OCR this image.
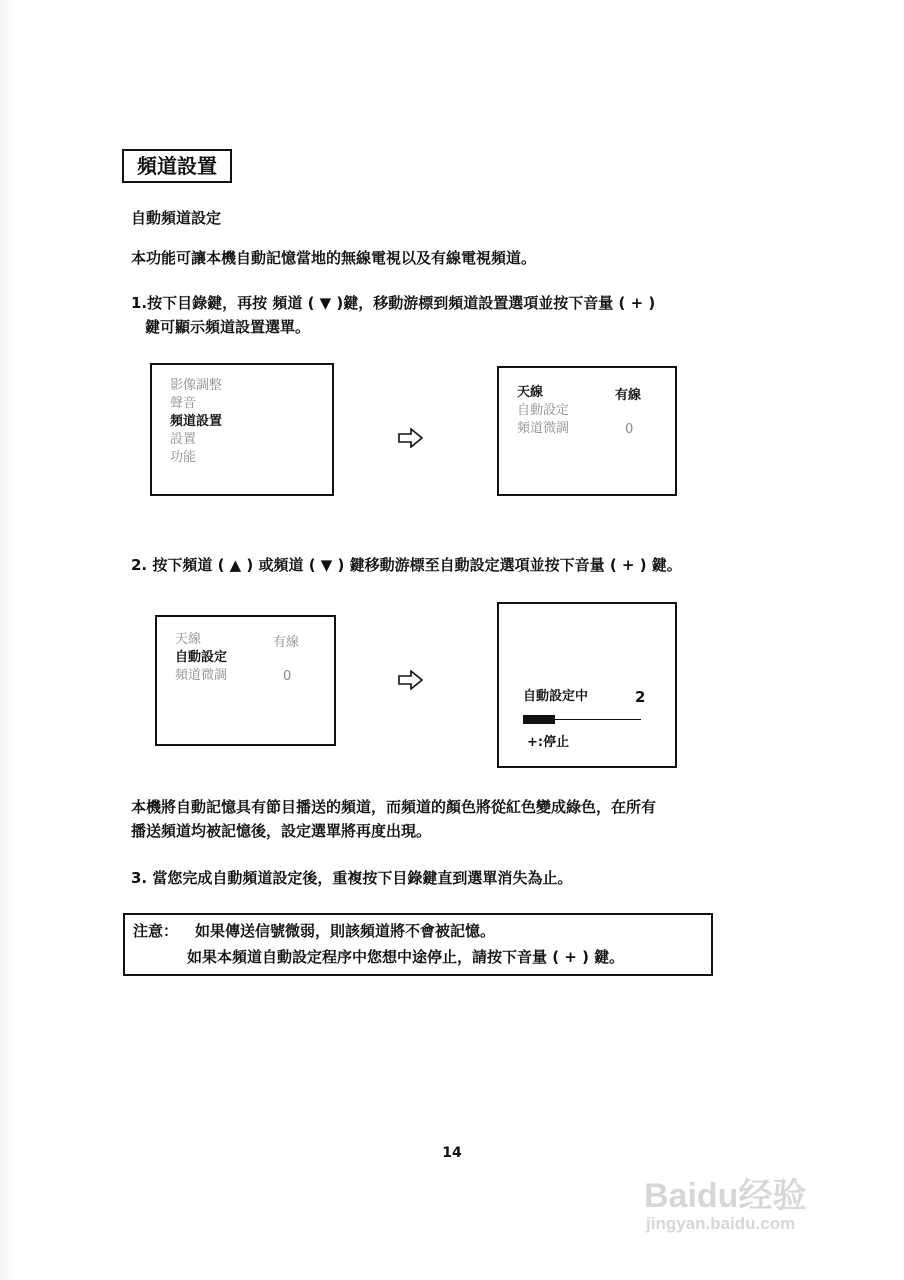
頻道設置
自動頻道設定
本功能可讓本機自動記憶當地的無線電視以及有線電視頻道。
1.按下目錄鍵，再按 頻道 ( ▼ )鍵，移動游標到頻道設置選項並按下音量 ( + )
鍵可顯示頻道設置選單。
影像調整
聲音
頻道設置
設置
功能
天線	有線
自動設定
頻道微調	0
2. 按下頻道 ( ▲ ) 或頻道 ( ▼ ) 鍵移動游標至自動設定選項並按下音量 ( + ) 鍵。
天線	有線
自動設定
頻道微調	0
自動設定中	2
+:停止
本機將自動記憶具有節目播送的頻道，而頻道的顏色將從紅色變成綠色，在所有
播送頻道均被記憶後，設定選單將再度出現。
3. 當您完成自動頻道設定後，重複按下目錄鍵直到選單消失為止。
注意： 如果傳送信號微弱，則該頻道將不會被記憶。
如果本頻道自動設定程序中您想中途停止，請按下音量 ( + ) 鍵。
14
Baidu经验
jingyan.baidu.com
